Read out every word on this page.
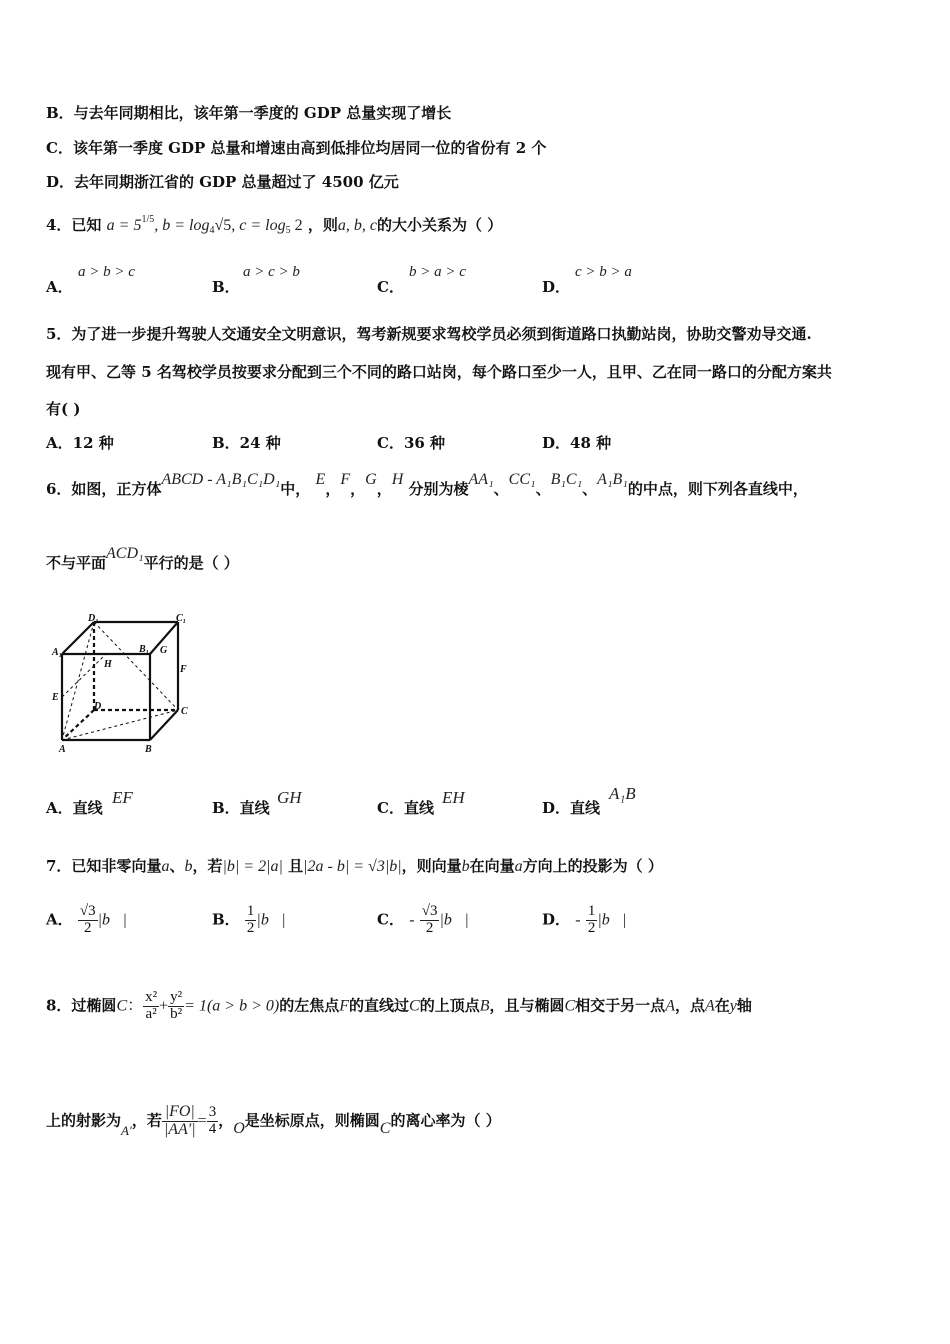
B．与去年同期相比，该年第一季度的 GDP 总量实现了增长
C．该年第一季度 GDP 总量和增速由高到低排位均居同一位的省份有 2 个
D．去年同期浙江省的 GDP 总量超过了 4500 亿元
4．已知 $a = 5^{1/5}$, $b = \log_4√5$, $c = \log_5 2$ ，则a, b, c的大小关系为（ ）
A．
a > b > c
B．
a > c > b
C．
b > a > c
D．
c > b > a
5．为了进一步提升驾驶人交通安全文明意识，驾考新规要求驾校学员必须到街道路口执勤站岗，协助交警劝导交通.
现有甲、乙等 5 名驾校学员按要求分配到三个不同的路口站岗，每个路口至少一人，且甲、乙在同一路口的分配方案共
有( )
A．12 种	B．24 种	C．36 种	D．48 种
6．如图，正方体ABCD - A₁B₁C₁D₁中， E，F，G，H 分别为棱AA₁、CC₁、B₁C₁、A₁B₁的中点，则下列各直线中，
不与平面ACD₁平行的是（ ）
D₁	C₁
A₁	B₁ G
H	F
E
D	C
A	B
A．直线
EF
B．直线
GH
C．直线
EH
D．直线
A₁B
7．已知非零向量a、b，若|b| = 2|a| 且|2a - b| = √3|b|，则向量b在向量a方向上的投影为（ ）
A． $\frac{√3}{2}$ |b⃗|	B． $\frac{1}{2}$ |b⃗|	C． - $\frac{√3}{2}$ |b⃗|	D． - $\frac{1}{2}$ |b⃗|
8．过椭圆C： $\frac{\text{x²}}{\text{a²}} + \frac{\text{y²}}{\text{b²}} = 1(a > b > 0)$的左焦点F的直线过C的上顶点B，且与椭圆C相交于另一点A，点A在y轴
上的射影为A′，若 $\frac{|FO|}{|AA'|} = \frac{3}{4}$ ，O是坐标原点，则椭圆C的离心率为（ ）
